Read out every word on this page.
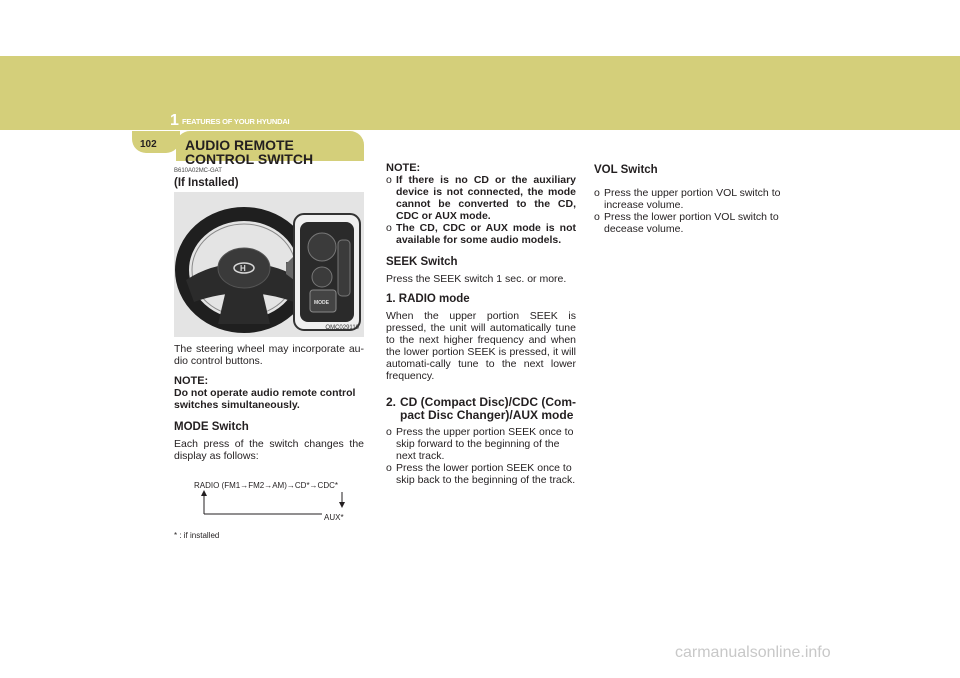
1 FEATURES OF YOUR HYUNDAI
102	AUDIO REMOTE CONTROL SWITCH
B610A02MC-GAT
(If Installed)
H
MODE
OMC029110
The steering wheel may incorporate au-dio control buttons.
NOTE:
Do not operate audio remote control switches simultaneously.
MODE Switch
Each press of the switch changes the display as follows:
RADIO (FM1→FM2→AM)→CD*→CDC*
AUX*
* : if installed
NOTE:
o If there is no CD or the auxiliary device is not connected, the mode cannot be converted to the CD, CDC or AUX mode.
o The CD, CDC or AUX mode is not available for some audio models.
SEEK Switch
Press the SEEK switch 1 sec. or more.
1. RADIO mode
When the upper portion SEEK is pressed, the unit will automatically tune to the next higher frequency and when the lower portion SEEK is pressed, it will automati-cally tune to the next lower frequency.
2. CD (Compact Disc)/CDC (Com-pact Disc Changer)/AUX mode
o Press the upper portion SEEK once to skip forward to the beginning of the next track.
o Press the lower portion SEEK once to skip back to the beginning of the track.
VOL Switch
o Press the upper portion VOL switch to increase volume.
o Press the lower portion VOL switch to decease volume.
carmanualsonline.info
